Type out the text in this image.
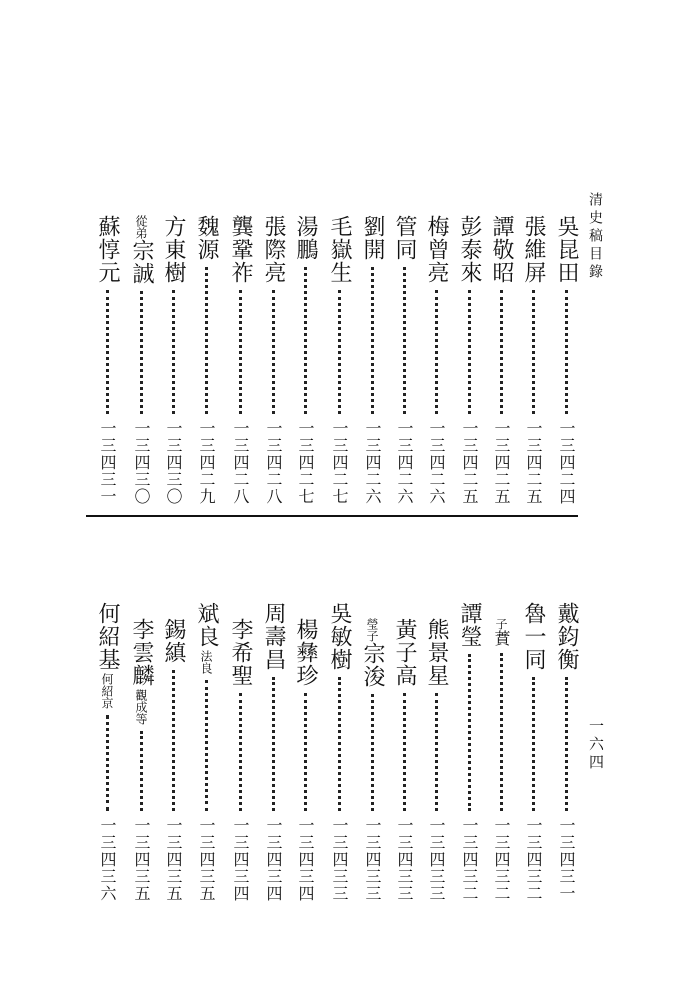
清史稿目錄
一六四
吳昆田
一三四二四
張維屏
一三四二五
譚敬昭
一三四二五
彭泰來
一三四二五
梅曾亮
一三四二六
管同
一三四二六
劉開
一三四二六
毛嶽生
一三四二七
湯鵬
一三四二七
張際亮
一三四二八
龔鞏祚
一三四二八
魏源
一三四二九
方東樹
一三四三〇
從弟
宗誠
一三四三〇
蘇惇元
一三四三一
戴鈞衡
一三四三一
魯一同
一三四三二
子
蕡
一三四三二
譚瑩
一三四三二
熊景星
一三四三三
黃子高
一三四三三
瑩子
宗浚
一三四三三
吳敏樹
一三四三三
楊彝珍
一三四三四
周壽昌
一三四三四
李希聖
一三四三四
斌良
法良
一三四三五
錫縝
一三四三五
李雲麟
觀成等
一三四三五
何紹基
何紹京
一三四三六
